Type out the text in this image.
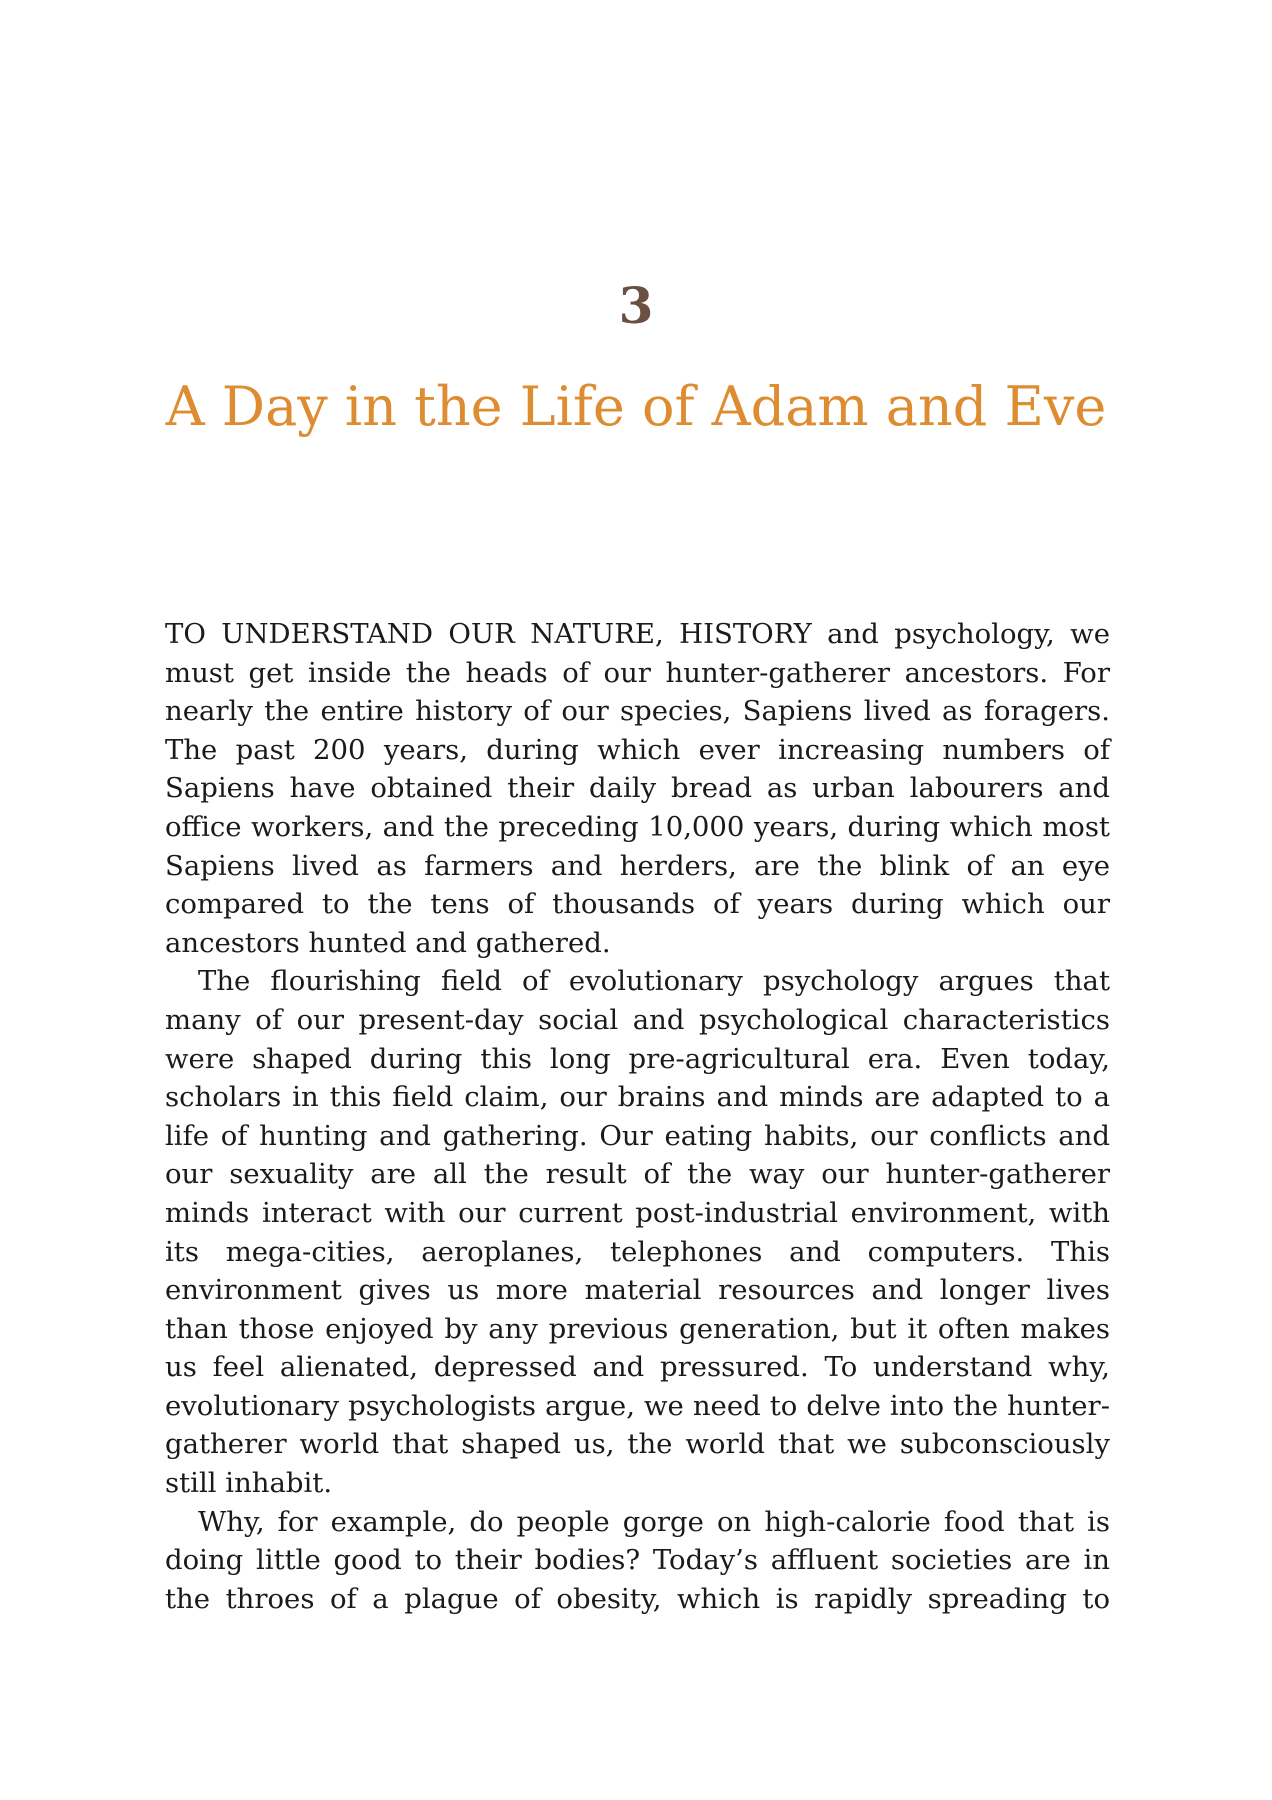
3
A Day in the Life of Adam and Eve

TO UNDERSTAND OUR NATURE, HISTORY and psychology, we must get inside the heads of our hunter-gatherer ancestors. For nearly the entire history of our species, Sapiens lived as foragers. The past 200 years, during which ever increasing numbers of Sapiens have obtained their daily bread as urban labourers and office workers, and the preceding 10,000 years, during which most Sapiens lived as farmers and herders, are the blink of an eye compared to the tens of thousands of years during which our ancestors hunted and gathered.

The flourishing field of evolutionary psychology argues that many of our present-day social and psychological characteristics were shaped during this long pre-agricultural era. Even today, scholars in this field claim, our brains and minds are adapted to a life of hunting and gathering. Our eating habits, our conflicts and our sexuality are all the result of the way our hunter-gatherer minds interact with our current post-industrial environment, with its mega-cities, aeroplanes, telephones and computers. This environment gives us more material resources and longer lives than those enjoyed by any previous generation, but it often makes us feel alienated, depressed and pressured. To understand why, evolutionary psychologists argue, we need to delve into the hunter-gatherer world that shaped us, the world that we subconsciously still inhabit.

Why, for example, do people gorge on high-calorie food that is doing little good to their bodies? Today’s affluent societies are in the throes of a plague of obesity, which is rapidly spreading to
